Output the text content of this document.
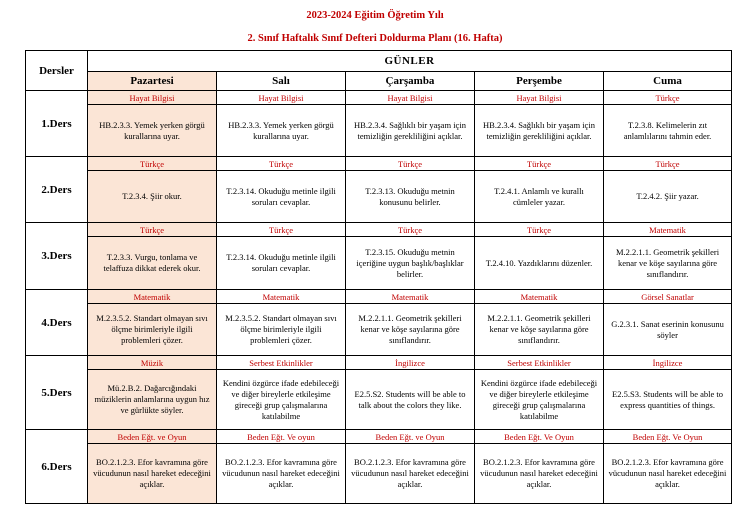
2023-2024 Eğitim Öğretim Yılı
2. Sınıf Haftalık Sınıf Defteri Doldurma Planı (16. Hafta)
Dersler	GÜNLER				
	Pazartesi	Salı	Çarşamba	Perşembe	Cuma
1.Ders	Hayat Bilgisi	Hayat Bilgisi	Hayat Bilgisi	Hayat Bilgisi	Türkçe
	HB.2.3.3. Yemek yerken görgü kurallarına uyar.	HB.2.3.3. Yemek yerken görgü kurallarına uyar.	HB.2.3.4. Sağlıklı bir yaşam için temizliğin gerekliliğini açıklar.	HB.2.3.4. Sağlıklı bir yaşam için temizliğin gerekliliğini açıklar.	T.2.3.8. Kelimelerin zıt anlamlılarını tahmin eder.
2.Ders	Türkçe	Türkçe	Türkçe	Türkçe	Türkçe
	T.2.3.4. Şiir okur.	T.2.3.14. Okuduğu metinle ilgili soruları cevaplar.	T.2.3.13. Okuduğu metnin konusunu belirler.	T.2.4.1. Anlamlı ve kurallı cümleler yazar.	T.2.4.2. Şiir yazar.
3.Ders	Türkçe	Türkçe	Türkçe	Türkçe	Matematik
	T.2.3.3. Vurgu, tonlama ve telaffuza dikkat ederek okur.	T.2.3.14. Okuduğu metinle ilgili soruları cevaplar.	T.2.3.15. Okuduğu metnin içeriğine uygun başlık/başlıklar belirler.	T.2.4.10. Yazdıklarını düzenler.	M.2.2.1.1. Geometrik şekilleri kenar ve köşe sayılarına göre sınıflandırır.
4.Ders	Matematik	Matematik	Matematik	Matematik	Görsel Sanatlar
	M.2.3.5.2. Standart olmayan sıvı ölçme birimleriyle ilgili problemleri çözer.	M.2.3.5.2. Standart olmayan sıvı ölçme birimleriyle ilgili problemleri çözer.	M.2.2.1.1. Geometrik şekilleri kenar ve köşe sayılarına göre sınıflandırır.	M.2.2.1.1. Geometrik şekilleri kenar ve köşe sayılarına göre sınıflandırır.	G.2.3.1. Sanat eserinin konusunu söyler
5.Ders	Müzik	Serbest Etkinlikler	İngilizce	Serbest Etkinlikler	İngilizce
	Mü.2.B.2. Dağarcığındaki müziklerin anlamlarına uygun hız ve gürlükte söyler.	Kendini özgürce ifade edebileceği ve diğer bireylerle etkileşime gireceği grup çalışmalarına katılabilme	E2.5.S2. Students will be able to talk about the colors they like.	Kendini özgürce ifade edebileceği ve diğer bireylerle etkileşime gireceği grup çalışmalarına katılabilme	E2.5.S3. Students will be able to express quantities of things.
6.Ders	Beden Eğt. ve Oyun	Beden Eğt. Ve oyun	Beden Eğt. ve Oyun	Beden Eğt. Ve Oyun	Beden Eğt. Ve Oyun
	BO.2.1.2.3. Efor kavramına göre vücudunun nasıl hareket edeceğini açıklar.	BO.2.1.2.3. Efor kavramına göre vücudunun nasıl hareket edeceğini açıklar.	BO.2.1.2.3. Efor kavramına göre vücudunun nasıl hareket edeceğini açıklar.	BO.2.1.2.3. Efor kavramına göre vücudunun nasıl hareket edeceğini açıklar.	BO.2.1.2.3. Efor kavramına göre vücudunun nasıl hareket edeceğini açıklar.
